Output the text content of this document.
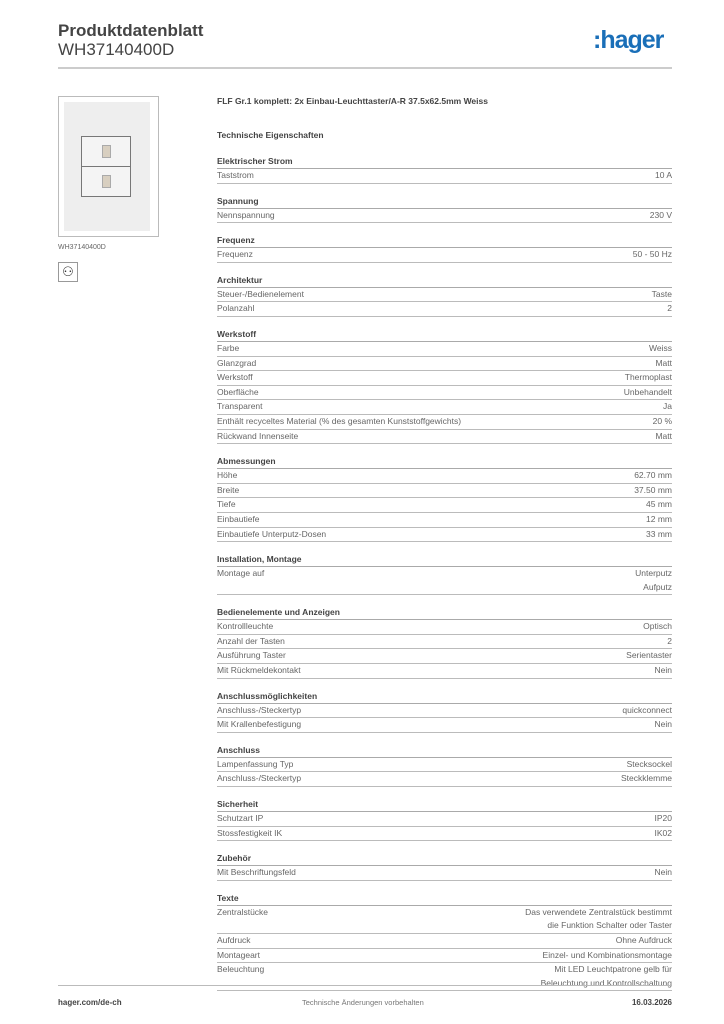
Produktdatenblatt
WH37140400D	:hager
WH37140400D
⚇
FLF Gr.1 komplett: 2x Einbau-Leuchttaster/A-R 37.5x62.5mm Weiss
Technische Eigenschaften
Elektrischer Strom
Taststrom	10 A
Spannung
Nennspannung	230 V
Frequenz
Frequenz	50 - 50 Hz
Architektur
Steuer-/Bedienelement	Taste
Polanzahl	2
Werkstoff
Farbe	Weiss
Glanzgrad	Matt
Werkstoff	Thermoplast
Oberfläche	Unbehandelt
Transparent	Ja
Enthält recyceltes Material (% des gesamten Kunststoffgewichts)	20 %
Rückwand Innenseite	Matt
Abmessungen
Höhe	62.70 mm
Breite	37.50 mm
Tiefe	45 mm
Einbautiefe	12 mm
Einbautiefe Unterputz-Dosen	33 mm
Installation, Montage
Montage auf	Unterputz
Aufputz
Bedienelemente und Anzeigen
Kontrollleuchte	Optisch
Anzahl der Tasten	2
Ausführung Taster	Serientaster
Mit Rückmeldekontakt	Nein
Anschlussmöglichkeiten
Anschluss-/Steckertyp	quickconnect
Mit Krallenbefestigung	Nein
Anschluss
Lampenfassung Typ	Stecksockel
Anschluss-/Steckertyp	Steckklemme
Sicherheit
Schutzart IP	IP20
Stossfestigkeit IK	IK02
Zubehör
Mit Beschriftungsfeld	Nein
Texte
Zentralstücke	Das verwendete Zentralstück bestimmt
die Funktion Schalter oder Taster
Aufdruck	Ohne Aufdruck
Montageart	Einzel- und Kombinationsmontage
Beleuchtung	Mit LED Leuchtpatrone gelb für
Beleuchtung und Kontrollschaltung
hager.com/de-ch	Technische Änderungen vorbehalten	16.03.2026
